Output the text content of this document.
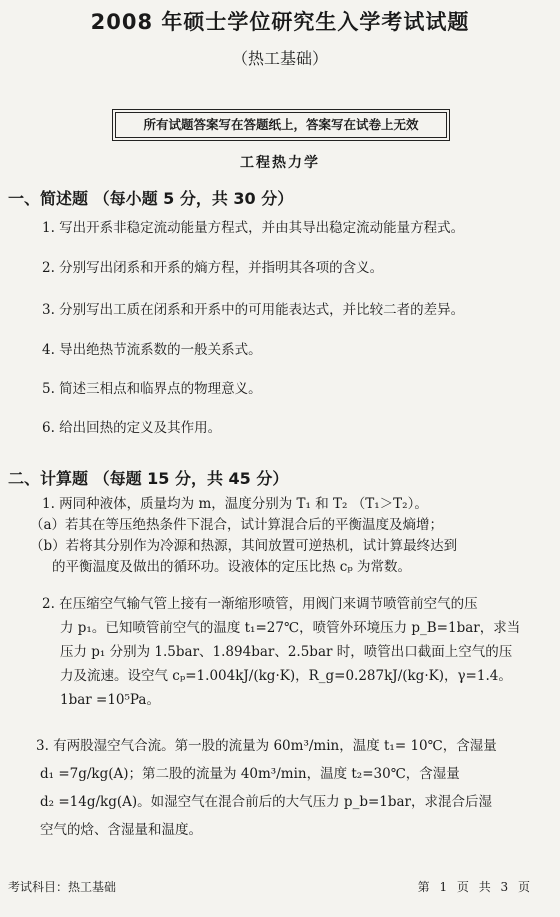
2008 年硕士学位研究生入学考试试题
（热工基础）
所有试题答案写在答题纸上，答案写在试卷上无效
工程热力学
一、简述题 （每小题 5 分，共 30 分）
1. 写出开系非稳定流动能量方程式，并由其导出稳定流动能量方程式。
2. 分别写出闭系和开系的熵方程，并指明其各项的含义。
3. 分别写出工质在闭系和开系中的可用能表达式，并比较二者的差异。
4. 导出绝热节流系数的一般关系式。
5. 简述三相点和临界点的物理意义。
6. 给出回热的定义及其作用。
二、计算题 （每题 15 分，共 45 分）
1. 两同种液体，质量均为 m，温度分别为 T₁ 和 T₂ （T₁＞T₂）。
（a）若其在等压绝热条件下混合，试计算混合后的平衡温度及熵增；
（b）若将其分别作为冷源和热源，其间放置可逆热机，试计算最终达到
的平衡温度及做出的循环功。设液体的定压比热 cₚ 为常数。
2. 在压缩空气输气管上接有一渐缩形喷管，用阀门来调节喷管前空气的压
力 p₁。已知喷管前空气的温度 t₁=27℃，喷管外环境压力 p_B=1bar，求当
压力 p₁ 分别为 1.5bar、1.894bar、2.5bar 时，喷管出口截面上空气的压
力及流速。设空气 cₚ=1.004kJ/(kg·K)，R_g=0.287kJ/(kg·K)，γ=1.4。
1bar =10⁵Pa。
3. 有两股湿空气合流。第一股的流量为 60m³/min，温度 t₁= 10℃，含湿量
d₁ =7g/kg(A)；第二股的流量为 40m³/min，温度 t₂=30℃，含湿量
d₂ =14g/kg(A)。如湿空气在混合前后的大气压力 p_b=1bar，求混合后湿
空气的焓、含湿量和温度。
考试科目：热工基础	第 1 页 共 3 页
